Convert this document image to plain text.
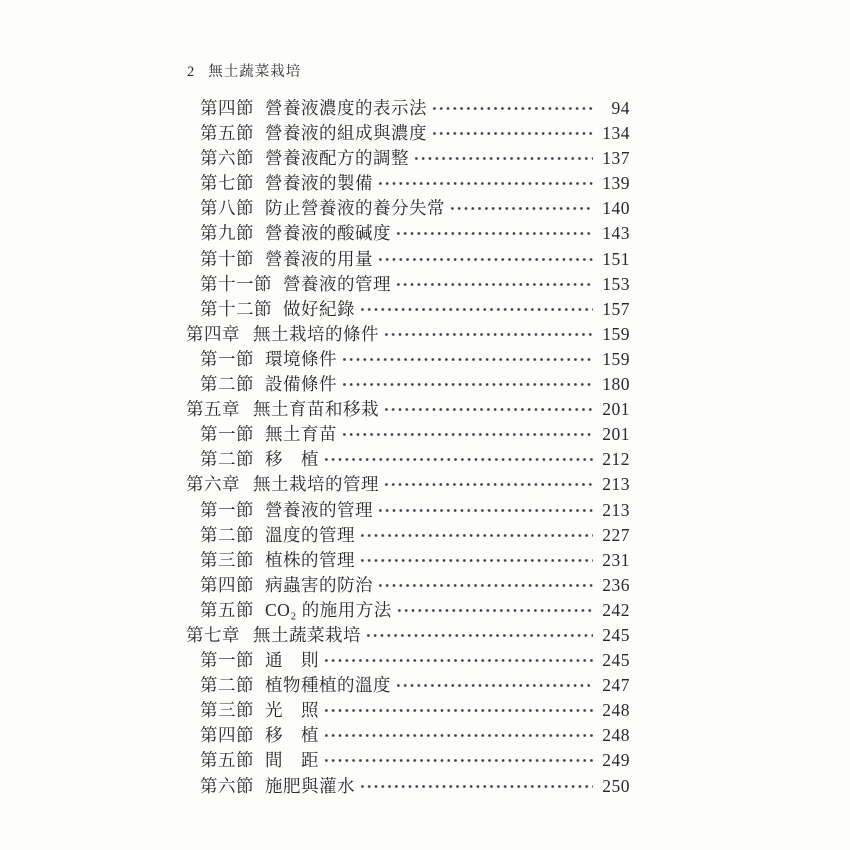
2 無土蔬菜栽培
第四節 營養液濃度的表示法	94
第五節 營養液的組成與濃度	134
第六節 營養液配方的調整	137
第七節 營養液的製備	139
第八節 防止營養液的養分失常	140
第九節 營養液的酸碱度	143
第十節 營養液的用量	151
第十一節 營養液的管理	153
第十二節 做好紀錄	157
第四章 無土栽培的條件	159
第一節 環境條件	159
第二節 設備條件	180
第五章 無土育苗和移栽	201
第一節 無土育苗	201
第二節 移　植	212
第六章 無土栽培的管理	213
第一節 營養液的管理	213
第二節 溫度的管理	227
第三節 植株的管理	231
第四節 病蟲害的防治	236
第五節 CO₂ 的施用方法	242
第七章 無土蔬菜栽培	245
第一節 通　則	245
第二節 植物種植的溫度	247
第三節 光　照	248
第四節 移　植	248
第五節 間　距	249
第六節 施肥與灌水	250
